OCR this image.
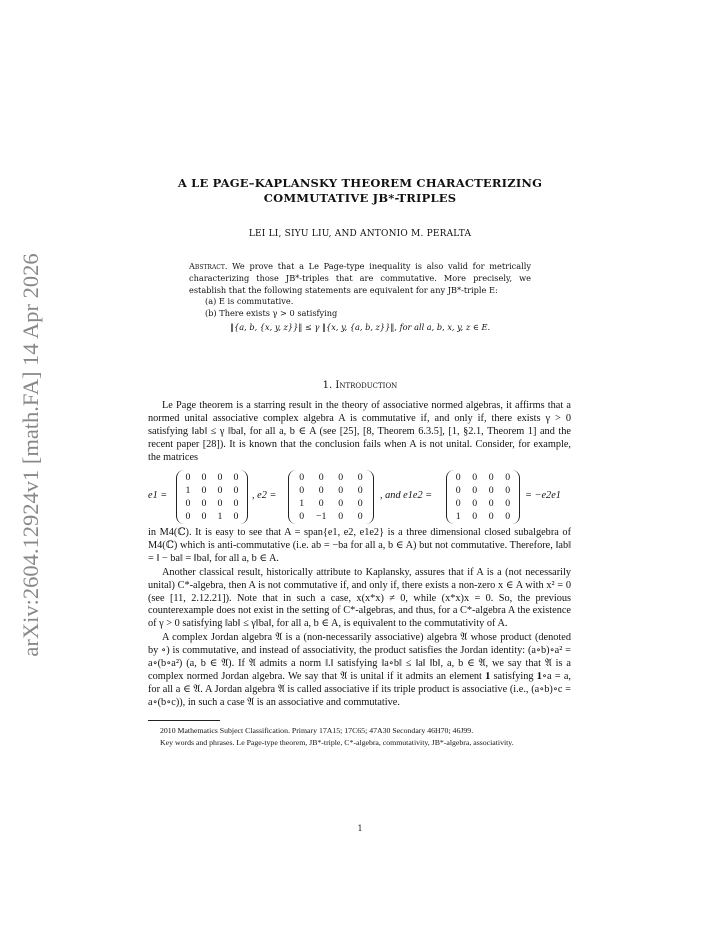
arXiv:2604.12924v1 [math.FA] 14 Apr 2026
A LE PAGE–KAPLANSKY THEOREM CHARACTERIZING
COMMUTATIVE JB*-TRIPLES
LEI LI, SIYU LIU, AND ANTONIO M. PERALTA
Abstract. We prove that a Le Page-type inequality is also valid for metrically characterizing those JB*-triples that are commutative. More precisely, we establish that the following statements are equivalent for any JB*-triple E:
(a) E is commutative.
(b) There exists γ > 0 satisfying
‖{a, b, {x, y, z}}‖ ≤ γ ‖{x, y, {a, b, z}}‖, for all a, b, x, y, z ∈ E.
1. Introduction

Le Page theorem is a starring result in the theory of associative normed algebras, it affirms that a normed unital associative complex algebra A is commutative if, and only if, there exists γ > 0 satisfying ‖ab‖ ≤ γ ‖ba‖, for all a, b ∈ A (see [25], [8, Theorem 6.3.5], [1, §2.1, Theorem 1] and the recent paper [28]). It is known that the conclusion fails when A is not unital. Consider, for example, the matrices

e1 =
0	0	0	0
1	0	0	0
0	0	0	0
0	0	1	0
, e2 =
0	0	0	0
0	0	0	0
1	0	0	0
0	−1	0	0
, and e1e2 =
0	0	0	0
0	0	0	0
0	0	0	0
1	0	0	0
= −e2e1

in M4(ℂ). It is easy to see that A = span{e1, e2, e1e2} is a three dimensional closed subalgebra of M4(ℂ) which is anti-commutative (i.e. ab = −ba for all a, b ∈ A) but not commutative. Therefore, ‖ab‖ = ‖ − ba‖ = ‖ba‖, for all a, b ∈ A.

Another classical result, historically attribute to Kaplansky, assures that if A is a (not necessarily unital) C*-algebra, then A is not commutative if, and only if, there exists a non-zero x ∈ A with x² = 0 (see [11, 2.12.21]). Note that in such a case, x(x*x) ≠ 0, while (x*x)x = 0. So, the previous counterexample does not exist in the setting of C*-algebras, and thus, for a C*-algebra A the existence of γ > 0 satisfying ‖ab‖ ≤ γ‖ba‖, for all a, b ∈ A, is equivalent to the commutativity of A.

A complex Jordan algebra 𝔄 is a (non-necessarily associative) algebra 𝔄 whose product (denoted by ∘) is commutative, and instead of associativity, the product satisfies the Jordan identity: (a∘b)∘a² = a∘(b∘a²) (a, b ∈ 𝔄). If 𝔄 admits a norm ‖.‖ satisfying ‖a∘b‖ ≤ ‖a‖ ‖b‖, a, b ∈ 𝔄, we say that 𝔄 is a complex normed Jordan algebra. We say that 𝔄 is unital if it admits an element 𝟏 satisfying 𝟏∘a = a, for all a ∈ 𝔄. A Jordan algebra 𝔄 is called associative if its triple product is associative (i.e., (a∘b)∘c = a∘(b∘c)), in such a case 𝔄 is an associative and commutative.

2010 Mathematics Subject Classification. Primary 17A15; 17C65; 47A30 Secondary 46H70; 46J99.

Key words and phrases. Le Page-type theorem, JB*-triple, C*-algebra, commutativity, JB*-algebra, associativity.

1
